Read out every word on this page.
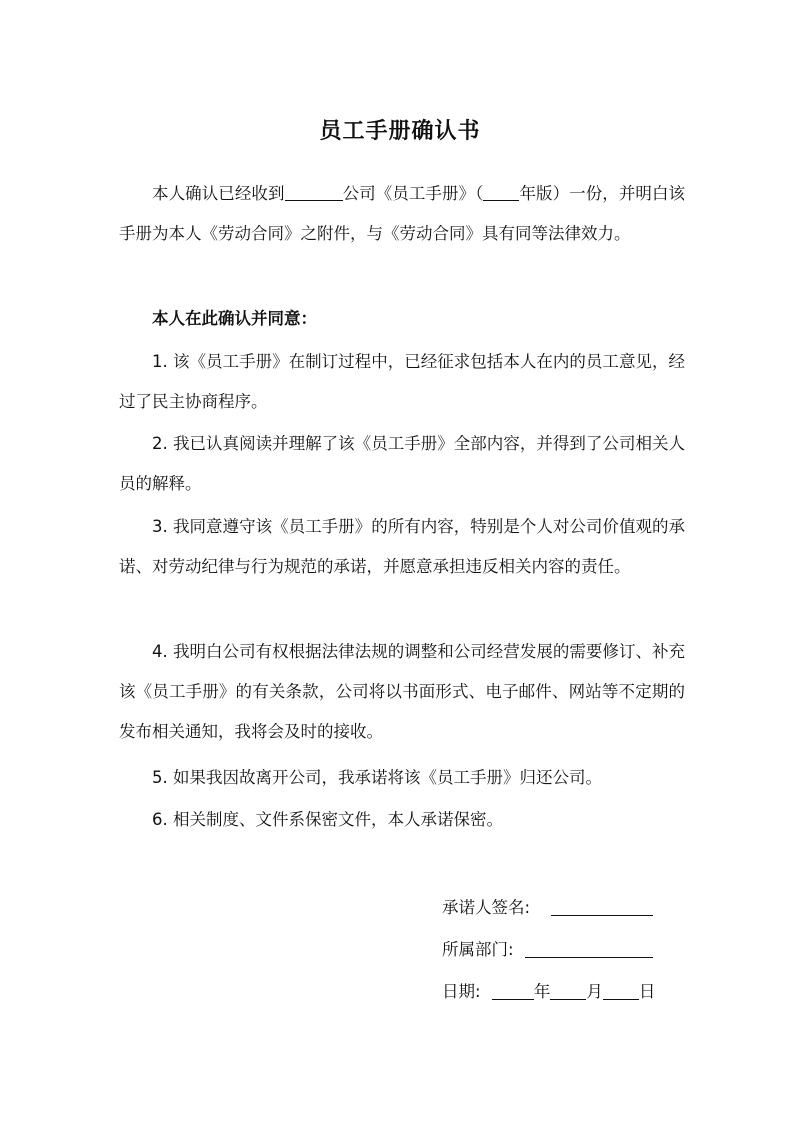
员工手册确认书
本人确认已经收到	公司《员工手册》（ 年版）一份，并明白该手册为本人《劳动合同》之附件，与《劳动合同》具有同等法律效力。
本人在此确认并同意：
1. 该《员工手册》在制订过程中，已经征求包括本人在内的员工意见，经过了民主协商程序。
2. 我已认真阅读并理解了该《员工手册》全部内容，并得到了公司相关人员的解释。
3. 我同意遵守该《员工手册》的所有内容，特别是个人对公司价值观的承诺、对劳动纪律与行为规范的承诺，并愿意承担违反相关内容的责任。
4. 我明白公司有权根据法律法规的调整和公司经营发展的需要修订、补充该《员工手册》的有关条款，公司将以书面形式、电子邮件、网站等不定期的发布相关通知，我将会及时的接收。
5. 如果我因故离开公司，我承诺将该《员工手册》归还公司。
6. 相关制度、文件系保密文件，本人承诺保密。
承诺人签名:
所属部门:
日期:	年 月 日
